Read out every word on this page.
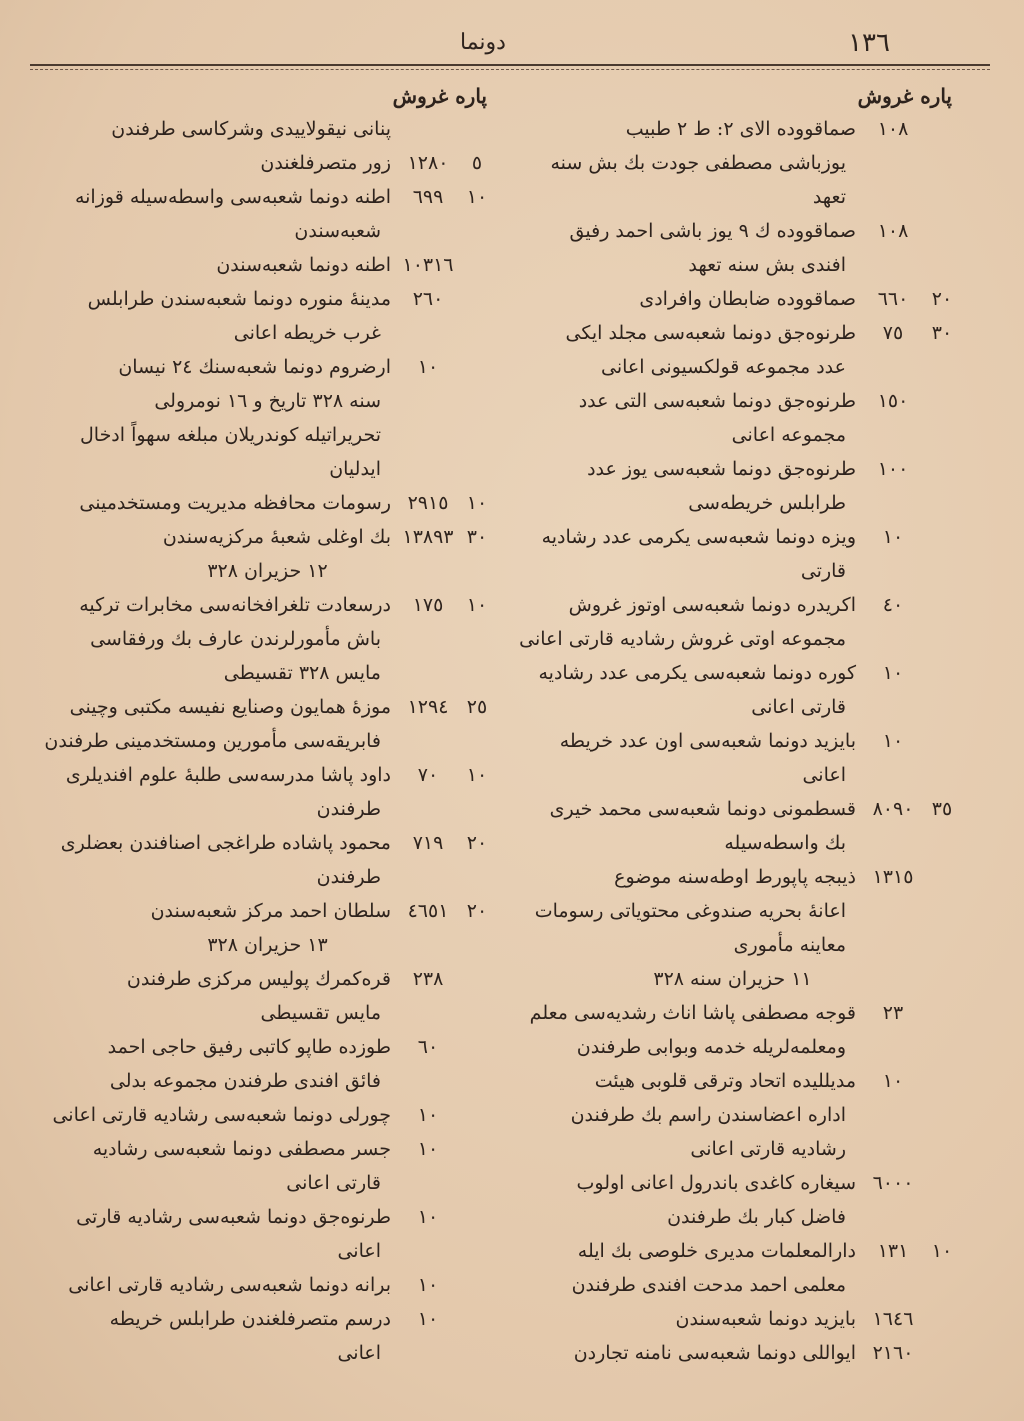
١٣٦
دونما
پاره غروش
١٠٨
صماقووده الای ٢: ط ٢ طبیب
یوزباشی مصطفی جودت بك بش سنه
تعهد
١٠٨
صماقووده ك ٩ یوز باشی احمد رفیق
افندی بش سنه تعهد
٢٠
٦٦٠
صماقووده ضابطان وافرادی
٣٠
٧٥
طرنوه‌جق دونما شعبه‌سی مجلد ایکی
عدد مجموعه قولکسیونی اعانی
١٥٠
طرنوه‌جق دونما شعبه‌سی التی عدد
مجموعه اعانی
١٠٠
طرنوه‌جق دونما شعبه‌سی یوز عدد
طرابلس خریطه‌سی
١٠
ویزه دونما شعبه‌سی یکرمی عدد رشادیه
قارتی
٤٠
اکریدره دونما شعبه‌سی اوتوز غروش
مجموعه اوتی غروش رشادیه قارتی اعانی
١٠
کوره دونما شعبه‌سی یکرمی عدد رشادیه
قارتی اعانی
١٠
بایزید دونما شعبه‌سی اون عدد خریطه
اعانی
٣٥
٨٠٩٠
قسطمونی دونما شعبه‌سی محمد خیری
بك واسطه‌سیله
١٣١٥
ذیبجه پاپورط اوطه‌سنه موضوع
اعانهٔ بحریه صندوغی محتویاتی رسومات
معاینه مأموری
١١ حزیران سنه ٣٢٨
٢٣
قوجه مصطفی پاشا اناث رشدیه‌سی معلم
ومعلمه‌لریله خدمه وبوابی طرفندن
١٠
مدیللیده اتحاد وترقی قلوبی هیئت
اداره اعضاسندن راسم بك طرفندن
رشادیه قارتی اعانی
٦٠٠٠
سیغاره کاغدی باندرول اعانی اولوب
فاضل کبار بك طرفندن
١٠
١٣١
دارالمعلمات مدیری خلوصی بك ایله
معلمی احمد مدحت افندی طرفندن
١٦٤٦
بایزید دونما شعبه‌سندن
٢١٦٠
ایواللی دونما شعبه‌سی نامنه تجاردن
پاره غروش
پنانی نیقولاییدی وشرکاسی طرفندن
٥
١٢٨٠
زور متصرفلغندن
١٠
٦٩٩
اطنه دونما شعبه‌سی واسطه‌سیله قوزانه
شعبه‌سندن
١٠٣١٦
اطنه دونما شعبه‌سندن
٢٦٠
مدینهٔ منوره دونما شعبه‌سندن طرابلس
غرب خریطه اعانی
١٠
ارضروم دونما شعبه‌سنك ٢٤ نیسان
سنه ٣٢٨ تاریخ و ١٦ نومرولی
تحریراتیله کوندریلان مبلغه سهواً ادخال
ایدلیان
١٠
٢٩١٥
رسومات محافظه مدیریت ومستخدمینی
٣٠
١٣٨٩٣
بك اوغلی شعبهٔ مرکزیه‌سندن
١٢ حزیران ٣٢٨
١٠
١٧٥
درسعادت تلغرافخانه‌سی مخابرات ترکیه
باش مأمورلرندن عارف بك ورفقاسی
مایس ٣٢٨ تقسیطی
٢٥
١٢٩٤
موزهٔ همایون وصنایع نفیسه مکتبی وچینی
فابریقه‌سی مأمورین ومستخدمینی طرفندن
١٠
٧٠
داود پاشا مدرسه‌سی طلبهٔ علوم افندیلری
طرفندن
٢٠
٧١٩
محمود پاشاده طراغجی اصنافندن بعضلری
طرفندن
٢٠
٤٦٥١
سلطان احمد مرکز شعبه‌سندن
١٣ حزیران ٣٢٨
٢٣٨
قره‌کمرك پولیس مرکزی طرفندن
مایس تقسیطی
٦٠
طوزده طاپو کاتبی رفیق حاجی احمد
فائق افندی طرفندن مجموعه بدلی
١٠
چورلی دونما شعبه‌سی رشادیه قارتی اعانی
١٠
جسر مصطفی دونما شعبه‌سی رشادیه
قارتی اعانی
١٠
طرنوه‌جق دونما شعبه‌سی رشادیه قارتی
اعانی
١٠
برانه دونما شعبه‌سی رشادیه قارتی اعانی
١٠
درسم متصرفلغندن طرابلس خریطه
اعانی
